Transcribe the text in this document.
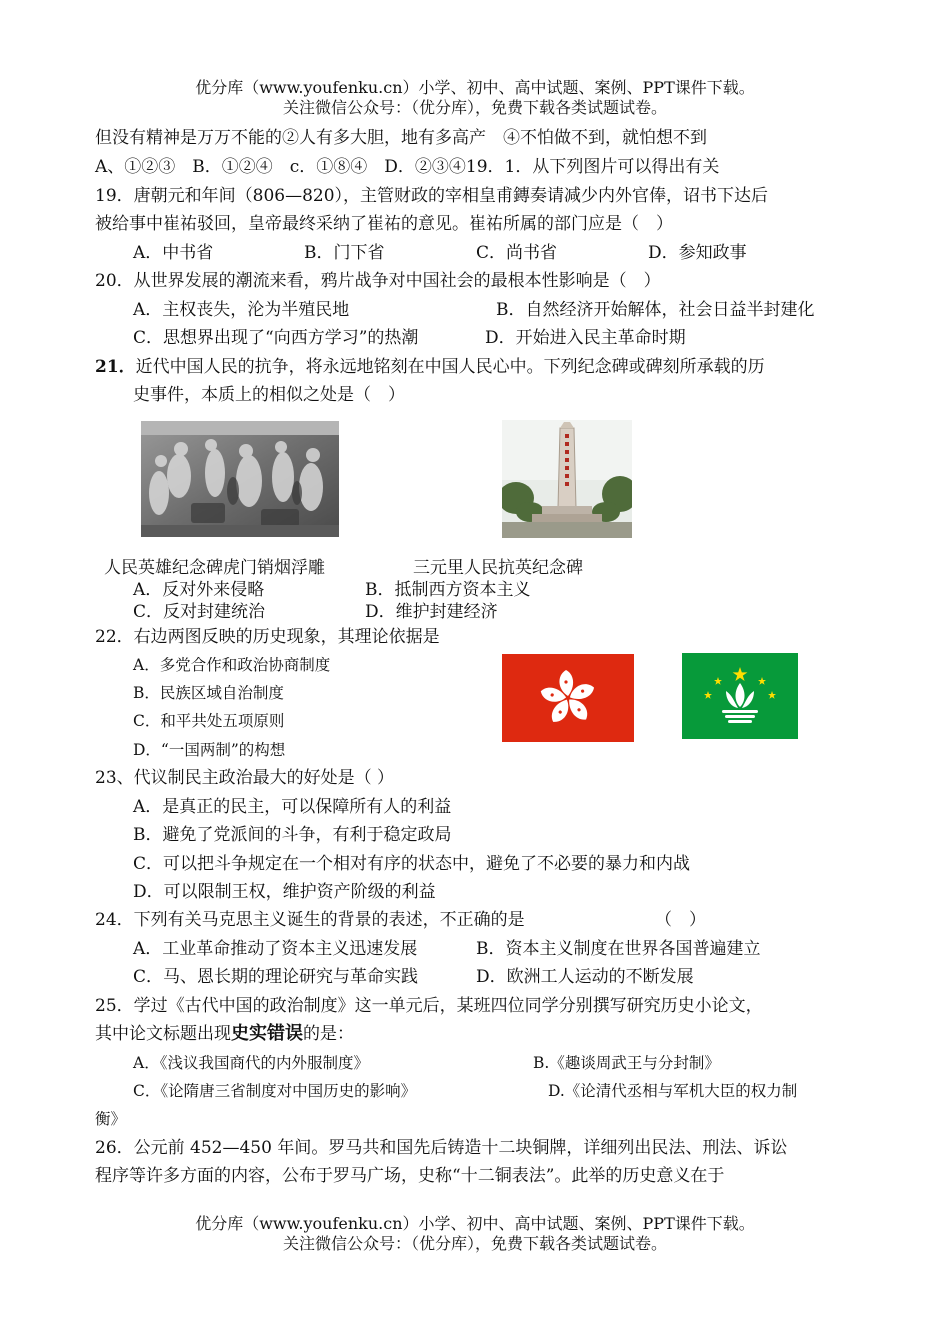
优分库（www.youfenku.cn）小学、初中、高中试题、案例、PPT课件下载。
关注微信公众号：（优分库），免费下载各类试题试卷。
但没有精神是万万不能的②人有多大胆，地有多高产　④不怕做不到，就怕想不到
A、①②③　B．①②④　c．①⑧④　D．②③④19．1．从下列图片可以得出有关
19．唐朝元和年间（806—820），主管财政的宰相皇甫鏄奏请减少内外官俸，诏书下达后
被给事中崔祐驳回，皇帝最终采纳了崔祐的意见。崔祐所属的部门应是（　）
A．中书省	B．门下省	C．尚书省	D．参知政事
20．从世界发展的潮流来看，鸦片战争对中国社会的最根本性影响是（　）
A．主权丧失，沦为半殖民地	B．自然经济开始解体，社会日益半封建化
C．思想界出现了“向西方学习”的热潮	D．开始进入民主革命时期
21．近代中国人民的抗争，将永远地铭刻在中国人民心中。下列纪念碑或碑刻所承载的历
史事件，本质上的相似之处是（　）
人民英雄纪念碑虎门销烟浮雕	三元里人民抗英纪念碑
A．反对外来侵略	B．抵制西方资本主义
C．反对封建统治	D．维护封建经济
22．右边两图反映的历史现象，其理论依据是
A．多党合作和政治协商制度
B．民族区域自治制度
C．和平共处五项原则
D．“一国两制”的构想
23、代议制民主政治最大的好处是（ ）
A．是真正的民主，可以保障所有人的利益
B．避免了党派间的斗争，有利于稳定政局
C．可以把斗争规定在一个相对有序的状态中，避免了不必要的暴力和内战
D．可以限制王权，维护资产阶级的利益
24．下列有关马克思主义诞生的背景的表述，不正确的是	（　）
A．工业革命推动了资本主义迅速发展	B．资本主义制度在世界各国普遍建立
C．马、恩长期的理论研究与革命实践	D．欧洲工人运动的不断发展
25．学过《古代中国的政治制度》这一单元后，某班四位同学分别撰写研究历史小论文，
其中论文标题出现史实错误的是：
A．《浅议我国商代的内外服制度》	B.《趣谈周武王与分封制》
C．《论隋唐三省制度对中国历史的影响》	D.《论清代丞相与军机大臣的权力制
衡》
26．公元前 452—450 年间。罗马共和国先后铸造十二块铜牌，详细列出民法、刑法、诉讼
程序等许多方面的内容，公布于罗马广场，史称“十二铜表法”。此举的历史意义在于
优分库（www.youfenku.cn）小学、初中、高中试题、案例、PPT课件下载。
关注微信公众号：（优分库），免费下载各类试题试卷。
